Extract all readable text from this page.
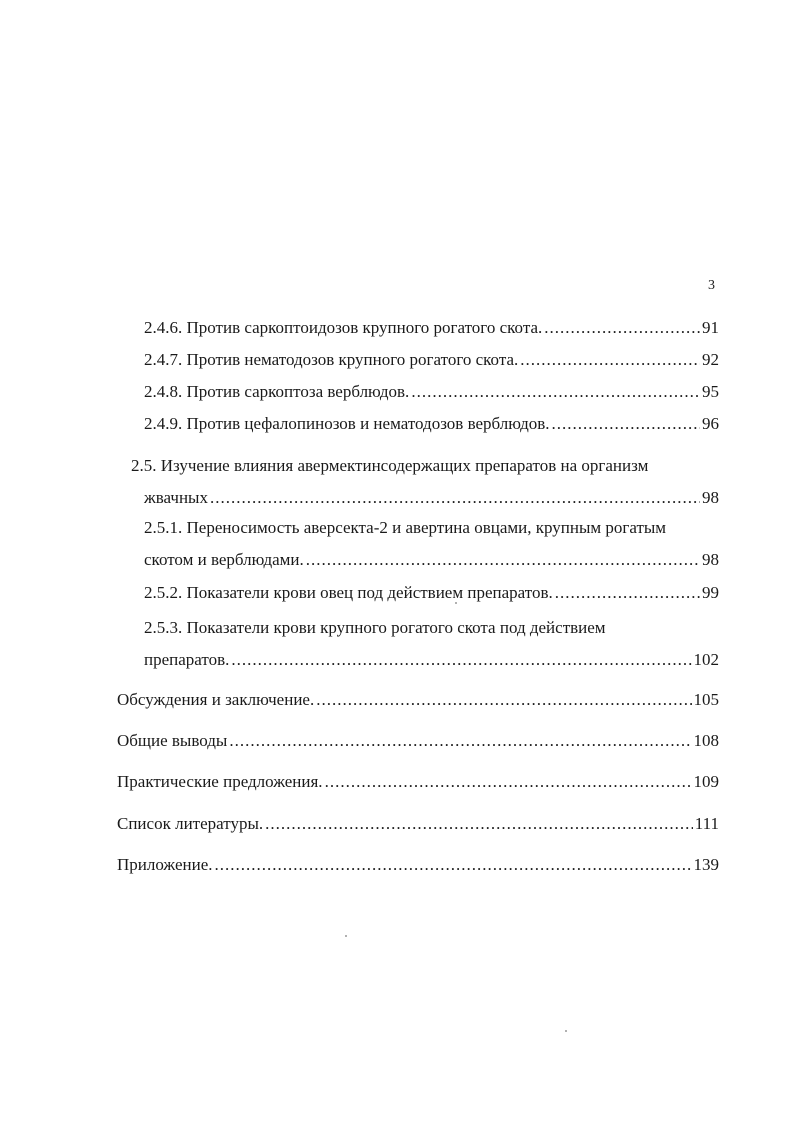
3
2.4.6. Против саркоптоидозов крупного рогатого скота. .....	91
2.4.7. Против нематодозов крупного рогатого скота. .....	92
2.4.8. Против саркоптоза верблюдов. .....	95
2.4.9. Против цефалопинозов и нематодозов верблюдов. .....	96
2.5. Изучение влияния авермектинсодержащих препаратов на организм
жвачных .....	98
2.5.1. Переносимость аверсекта-2 и авертина овцами, крупным рогатым
скотом и верблюдами. .....	98
2.5.2. Показатели крови овец под действием препаратов. .....	99
2.5.3. Показатели крови крупного рогатого скота под действием
препаратов. .....	102
Обсуждения и заключение. .....	105
Общие выводы .....	108
Практические предложения. .....	109
Список литературы. .....	111
Приложение. .....	139
